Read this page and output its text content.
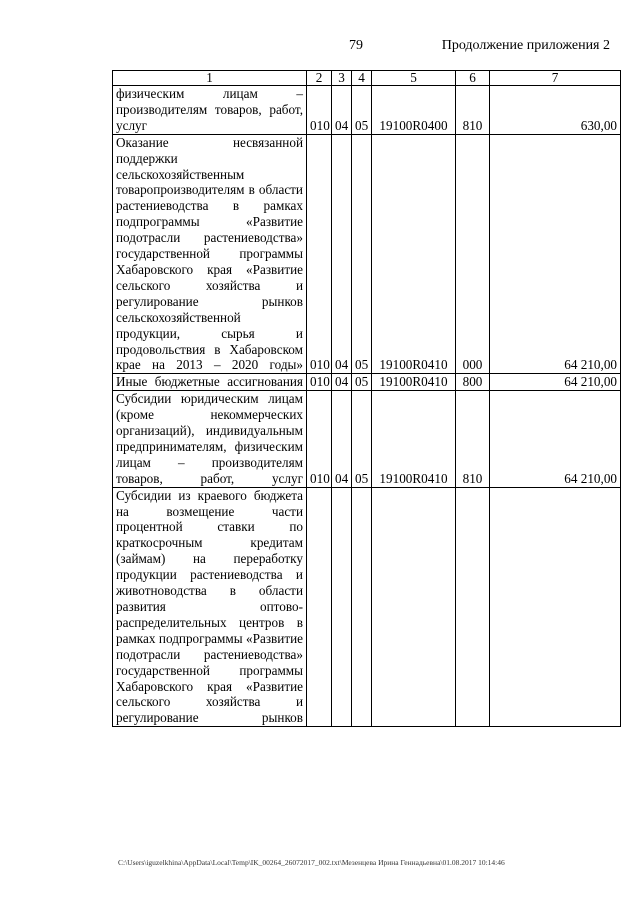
79	Продолжение приложения 2
1	2	3	4	5	6	7
физическим лицам – производителям товаров, работ, услуг	010	04	05	19100R0400	810	630,00
Оказание несвязанной поддержки сельскохозяйственным товаропроизводителям в области растениеводства в рамках подпрограммы «Развитие подотрасли растениеводства» государственной программы Хабаровского края «Развитие сельского хозяйства и регулирование рынков сельскохозяйственной продукции, сырья и продовольствия в Хабаровском крае на 2013 – 2020 годы»	010	04	05	19100R0410	000	64 210,00
Иные бюджетные ассигнования	010	04	05	19100R0410	800	64 210,00
Субсидии юридическим лицам (кроме некоммерческих организаций), индивидуальным предпринимателям, физическим лицам – производителям товаров, работ, услуг	010	04	05	19100R0410	810	64 210,00
Субсидии из краевого бюджета на возмещение части процентной ставки по краткосрочным кредитам (займам) на переработку продукции растениеводства и животноводства в области развития оптово-распределительных центров в рамках подпрограммы «Развитие подотрасли растениеводства» государственной программы Хабаровского края «Развитие сельского хозяйства и регулирование рынков						
C:\Users\iguzelkhina\AppData\Local\Temp\IK_00264_26072017_002.txt\Мезенцева Ирина Геннадьевна\01.08.2017 10:14:46
